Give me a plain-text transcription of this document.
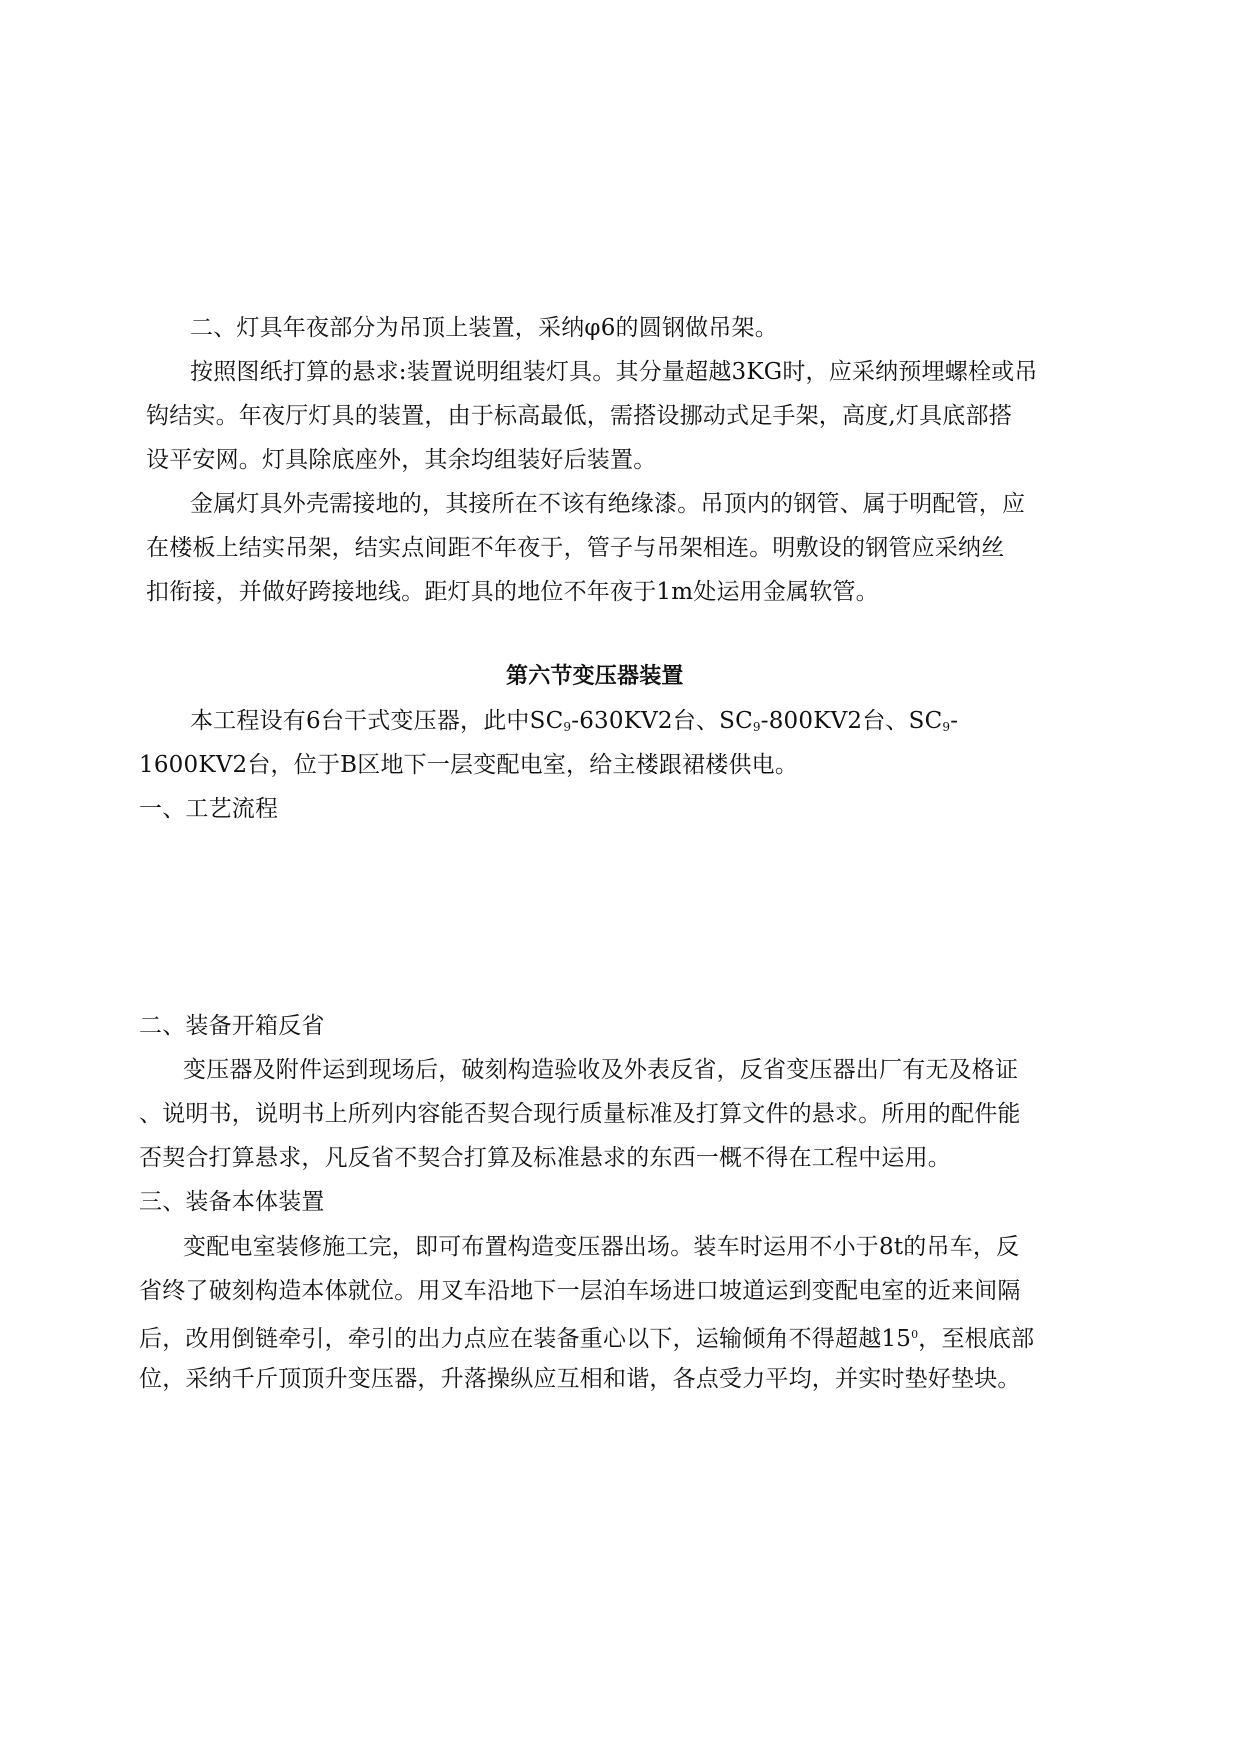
二、灯具年夜部分为吊顶上装置，采纳φ6的圆钢做吊架。
按照图纸打算的悬求:装置说明组装灯具。其分量超越3KG时，应采纳预埋螺栓或吊
钩结实。年夜厅灯具的装置，由于标高最低，需搭设挪动式足手架，高度,灯具底部搭
设平安网。灯具除底座外，其余均组装好后装置。
金属灯具外壳需接地的，其接所在不该有绝缘漆。吊顶内的钢管、属于明配管，应
在楼板上结实吊架，结实点间距不年夜于，管子与吊架相连。明敷设的钢管应采纳丝
扣衔接，并做好跨接地线。距灯具的地位不年夜于1m处运用金属软管。
第六节变压器装置
本工程设有6台干式变压器，此中$SC_9-630KV2$台、$SC_9-800KV2$台、$SC_9-$
1600KV2台，位于B区地下一层变配电室，给主楼跟裙楼供电。
一、工艺流程
二、装备开箱反省
变压器及附件运到现场后，破刻构造验收及外表反省，反省变压器出厂有无及格证
、说明书，说明书上所列内容能否契合现行质量标准及打算文件的悬求。所用的配件能
否契合打算悬求，凡反省不契合打算及标准悬求的东西一概不得在工程中运用。
三、装备本体装置
变配电室装修施工完，即可布置构造变压器出场。装车时运用不小于8t的吊车，反
省终了破刻构造本体就位。用叉车沿地下一层泊车场进口坡道运到变配电室的近来间隔
后，改用倒链牵引，牵引的出力点应在装备重心以下，运输倾角不得超越$15^0$，至根底部
位，采纳千斤顶顶升变压器，升落操纵应互相和谐，各点受力平均，并实时垫好垫块。
